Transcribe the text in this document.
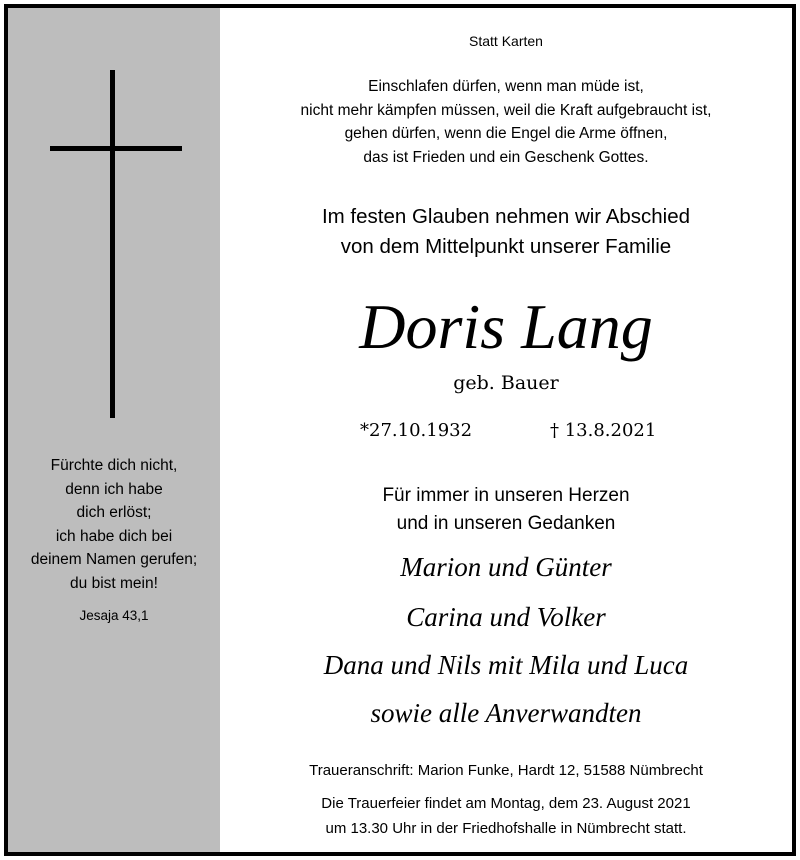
Fürchte dich nicht,
denn ich habe
dich erlöst;
ich habe dich bei
deinem Namen gerufen;
du bist mein!
Jesaja 43,1
Statt Karten
Einschlafen dürfen, wenn man müde ist,
nicht mehr kämpfen müssen, weil die Kraft aufgebraucht ist,
gehen dürfen, wenn die Engel die Arme öffnen,
das ist Frieden und ein Geschenk Gottes.
Im festen Glauben nehmen wir Abschied
von dem Mittelpunkt unserer Familie
Doris Lang
geb. Bauer
*27.10.1932	† 13.8.2021
Für immer in unseren Herzen
und in unseren Gedanken
Marion und Günter
Carina und Volker
Dana und Nils mit Mila und Luca
sowie alle Anverwandten
Traueranschrift: Marion Funke, Hardt 12, 51588 Nümbrecht
Die Trauerfeier findet am Montag, dem 23. August 2021
um 13.30 Uhr in der Friedhofshalle in Nümbrecht statt.
